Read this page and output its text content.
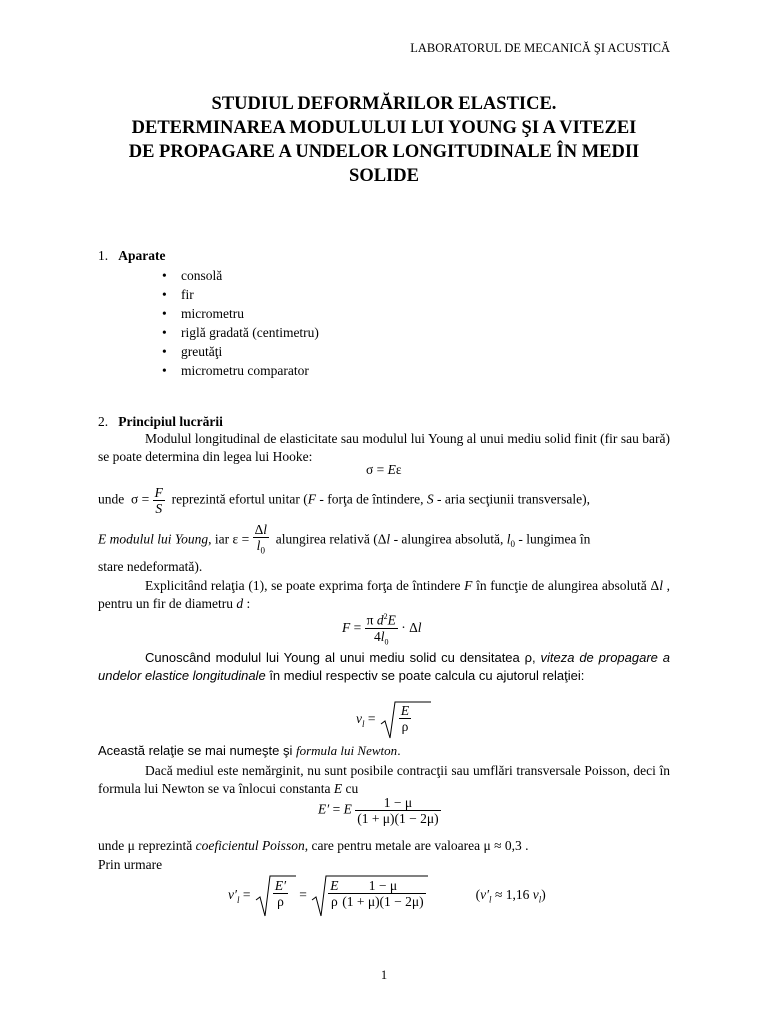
LABORATORUL DE MECANICĂ ŞI ACUSTICĂ
STUDIUL DEFORMĂRILOR ELASTICE.
DETERMINAREA MODULULUI LUI YOUNG ŞI A VITEZEI
DE PROPAGARE A UNDELOR LONGITUDINALE ÎN MEDII
SOLIDE
1. Aparate
• consolă
• fir
• micrometru
• riglă gradată (centimetru)
• greutăţi
• micrometru comparator
2. Principiul lucrării
Modulul longitudinal de elasticitate sau modulul lui Young al unui mediu solid finit (fir sau bară) se poate determina din legea lui Hooke:
σ = Eε
unde  $\sigma = \frac{F}{S}$ reprezintă efortul unitar (F - forţa de întindere, S - aria secţiunii transversale),
E modulul lui Young, iar $\varepsilon = \frac{\Delta l}{l_0}$ alungirea relativă (Δl - alungirea absolută, $l_0$ - lungimea în
stare nedeformată).
Explicitând relaţia (1), se poate exprima forţa de întindere F în funcţie de alungirea absolută Δl , pentru un fir de diametru d :
$F = \frac{\pi d^2E}{4l_0} \cdot \Delta l$
Cunoscând modulul lui Young al unui mediu solid cu densitatea ρ, viteza de propagare a undelor elastice longitudinale în mediul respectiv se poate calcula cu ajutorul relaţiei:
$v_l = \frac{E}{\rho}$
Această relaţie se mai numeşte şi formula lui Newton.
Dacă mediul este nemărginit, nu sunt posibile contracţii sau umflări transversale Poisson, deci în formula lui Newton se va înlocui constanta E cu
E′ = E $\frac{1 - \mu}{(1 + \mu)(1 - 2\mu)}$
unde μ reprezintă coeficientul Poisson, care pentru metale are valoarea μ ≈ 0,3 .
Prin urmare
$v'_l = \frac{E'}{\rho} = \frac{E}{\rho} \frac{1 - \mu}{(1 + \mu)(1 - 2\mu)}$	($v'_l \approx 1,16$ $v_l$)
1
